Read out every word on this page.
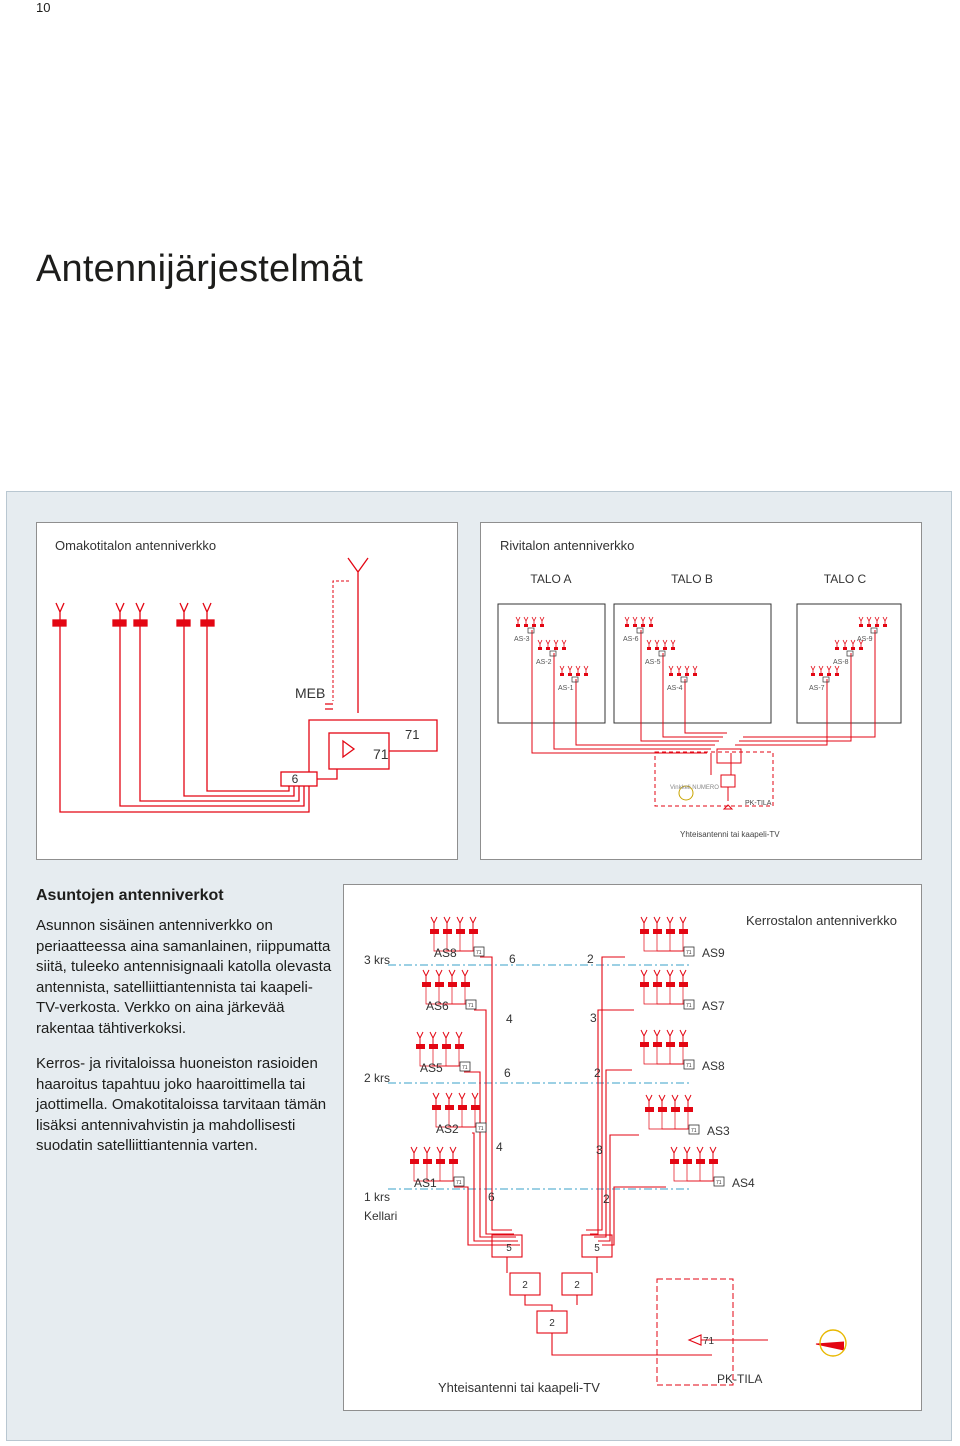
10
Antennijärjestelmät
Omakotitalon antenniverkko
6
71
MEB
71
Rivitalon antenniverkko
TALO A	TALO B	TALO C
Vinkkeli NUMERO
PK-TILA
Yhteisantenni tai kaapeli-TV
AS-3
AS-2
AS-1
AS-6
AS-5
AS-4
AS-9
AS-8
AS-7
Asuntojen antenniverkot

Asunnon sisäinen antenniverkko on periaatteessa aina samanlainen, riippumatta siitä, tuleeko antennisignaali katolla olevasta antennista, satelliittiantennista tai kaapeli-TV-verkosta. Verkko on aina järkevää rakentaa tähtiverkoksi.

Kerros- ja rivitaloissa huoneiston rasioiden haaroitus tapahtuu joko haaroittimella tai jaottimella. Omakotitaloissa tarvitaan tämän lisäksi antennivahvistin ja mahdollisesti suodatin satelliittiantennia varten.

Kerrostalon antenniverkko
3 krs
2 krs
1 krs
Kellari
71
AS8
71
AS6
71
AS5
71
AS2
71
AS1
71 AS9
71 AS7
71 AS8
71 AS3
71 AS4
6
4
6
4
6
2
3
2
3
2
5	5
2	2
2
71
Yhteisantenni tai kaapeli-TV
PK-TILA
